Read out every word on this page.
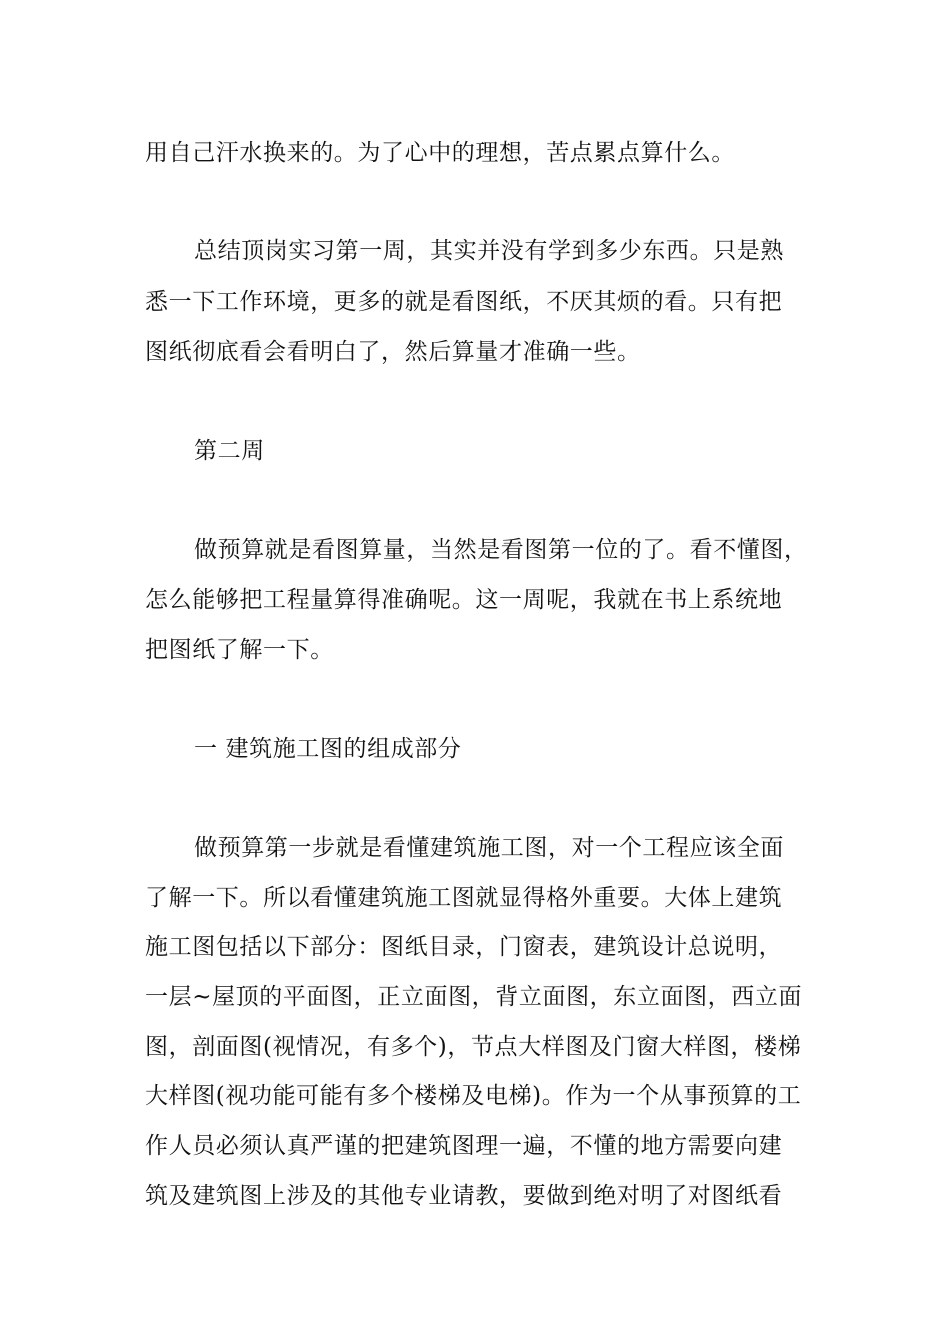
用自己汗水换来的。为了心中的理想，苦点累点算什么。
总结顶岗实习第一周，其实并没有学到多少东西。只是熟
悉一下工作环境，更多的就是看图纸，不厌其烦的看。只有把
图纸彻底看会看明白了，然后算量才准确一些。
第二周
做预算就是看图算量，当然是看图第一位的了。看不懂图，
怎么能够把工程量算得准确呢。这一周呢，我就在书上系统地
把图纸了解一下。
一 建筑施工图的组成部分
做预算第一步就是看懂建筑施工图，对一个工程应该全面
了解一下。所以看懂建筑施工图就显得格外重要。大体上建筑
施工图包括以下部分：图纸目录，门窗表，建筑设计总说明，
一层~屋顶的平面图，正立面图，背立面图，东立面图，西立面
图，剖面图(视情况，有多个)，节点大样图及门窗大样图，楼梯
大样图(视功能可能有多个楼梯及电梯)。作为一个从事预算的工
作人员必须认真严谨的把建筑图理一遍，不懂的地方需要向建
筑及建筑图上涉及的其他专业请教，要做到绝对明了对图纸看
